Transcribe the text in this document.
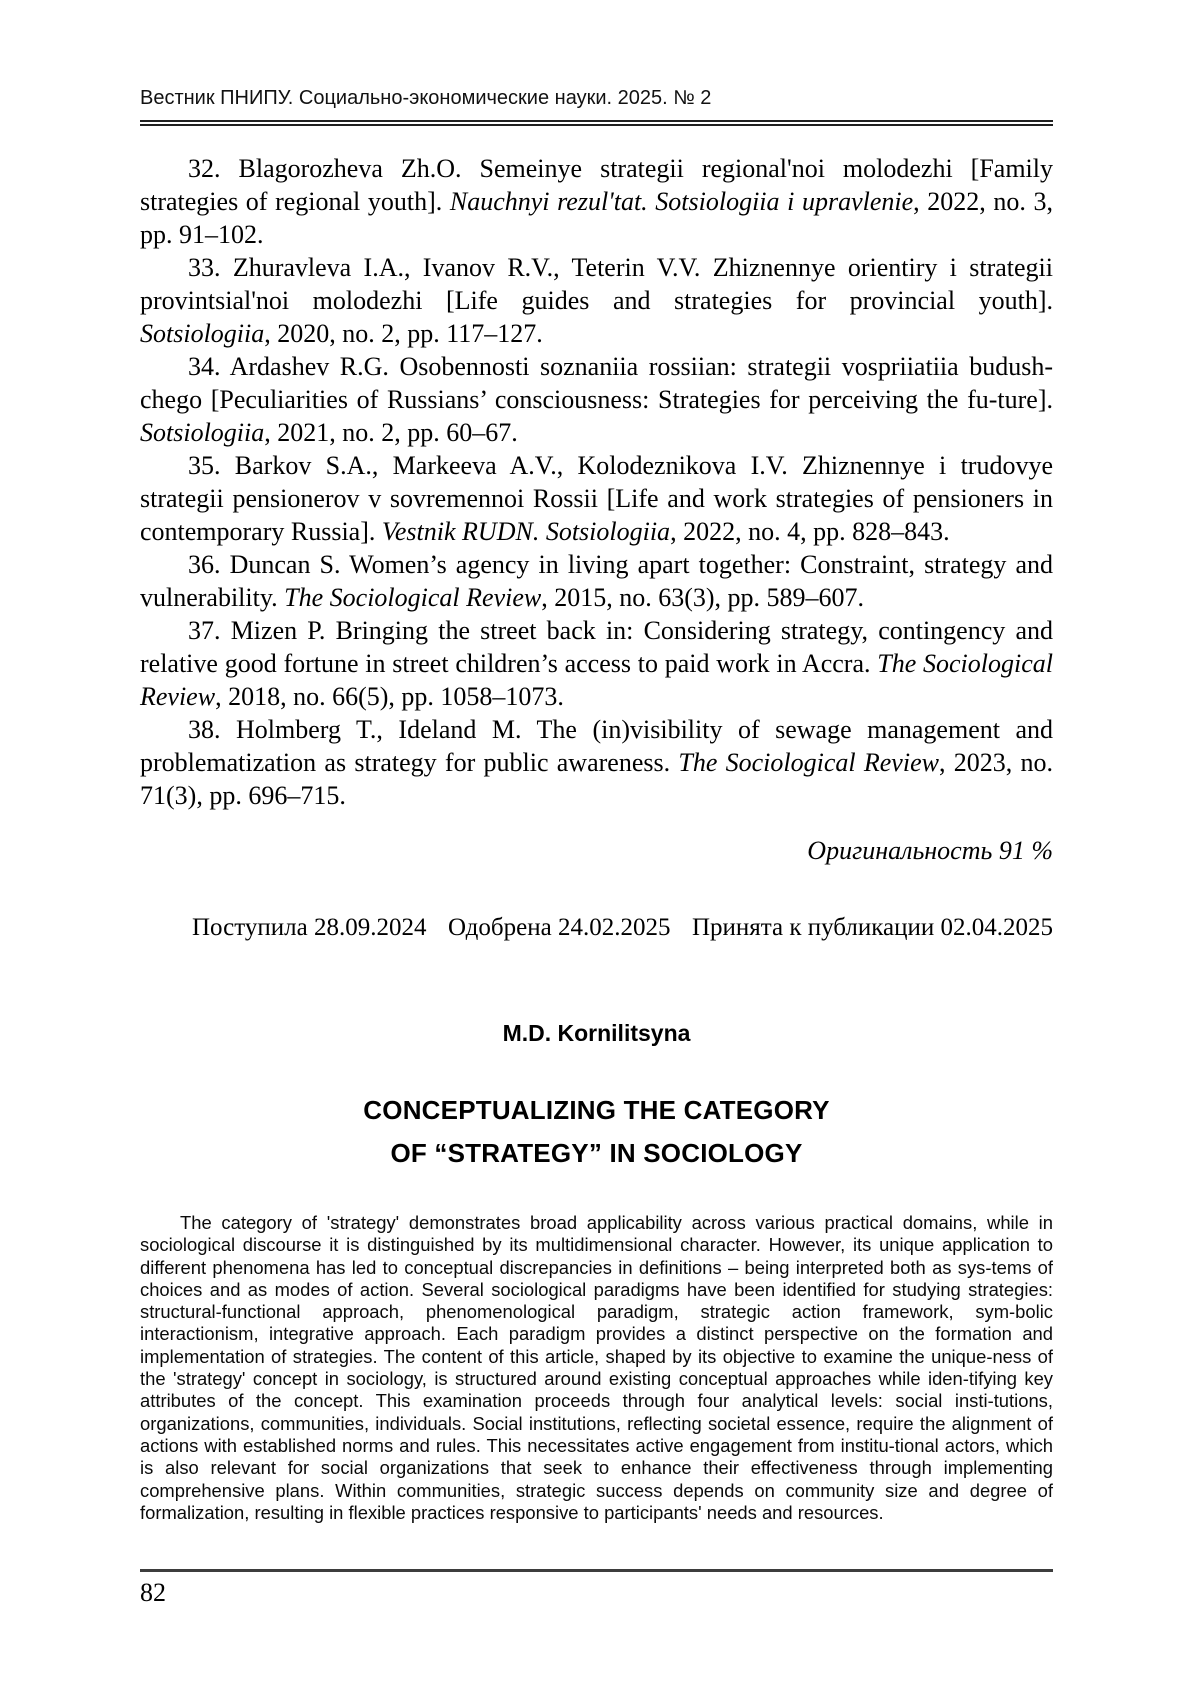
Вестник ПНИПУ. Социально-экономические науки. 2025. № 2

32. Blagorozheva Zh.O. Semeinye strategii regional'noi molodezhi [Family strategies of regional youth]. Nauchnyi rezul'tat. Sotsiologiia i upravlenie, 2022, no. 3, pp. 91–102.

33. Zhuravleva I.A., Ivanov R.V., Teterin V.V. Zhiznennye orientiry i strategii provintsial'noi molodezhi [Life guides and strategies for provincial youth]. Sotsiologiia, 2020, no. 2, pp. 117–127.

34. Ardashev R.G. Osobennosti soznaniia rossiian: strategii vospriiatiia budush-chego [Peculiarities of Russians’ consciousness: Strategies for perceiving the fu-ture]. Sotsiologiia, 2021, no. 2, pp. 60–67.

35. Barkov S.A., Markeeva A.V., Kolodeznikova I.V. Zhiznennye i trudovye strategii pensionerov v sovremennoi Rossii [Life and work strategies of pensioners in contemporary Russia]. Vestnik RUDN. Sotsiologiia, 2022, no. 4, pp. 828–843.

36. Duncan S. Women’s agency in living apart together: Constraint, strategy and vulnerability. The Sociological Review, 2015, no. 63(3), pp. 589–607.

37. Mizen P. Bringing the street back in: Considering strategy, contingency and relative good fortune in street children’s access to paid work in Accra. The Sociological Review, 2018, no. 66(5), pp. 1058–1073.

38. Holmberg T., Ideland M. The (in)visibility of sewage management and problematization as strategy for public awareness. The Sociological Review, 2023, no. 71(3), pp. 696–715.

Оригинальность 91 %
Поступила 28.09.2024 Одобрена 24.02.2025 Принята к публикации 02.04.2025
M.D. Kornilitsyna
CONCEPTUALIZING THE CATEGORY
OF “STRATEGY” IN SOCIOLOGY
The category of 'strategy' demonstrates broad applicability across various practical domains, while in sociological discourse it is distinguished by its multidimensional character. However, its unique application to different phenomena has led to conceptual discrepancies in definitions – being interpreted both as sys-tems of choices and as modes of action. Several sociological paradigms have been identified for studying strategies: structural-functional approach, phenomenological paradigm, strategic action framework, sym-bolic interactionism, integrative approach. Each paradigm provides a distinct perspective on the formation and implementation of strategies. The content of this article, shaped by its objective to examine the unique-ness of the 'strategy' concept in sociology, is structured around existing conceptual approaches while iden-tifying key attributes of the concept. This examination proceeds through four analytical levels: social insti-tutions, organizations, communities, individuals. Social institutions, reflecting societal essence, require the alignment of actions with established norms and rules. This necessitates active engagement from institu-tional actors, which is also relevant for social organizations that seek to enhance their effectiveness through implementing comprehensive plans. Within communities, strategic success depends on community size and degree of formalization, resulting in flexible practices responsive to participants' needs and resources.
82
